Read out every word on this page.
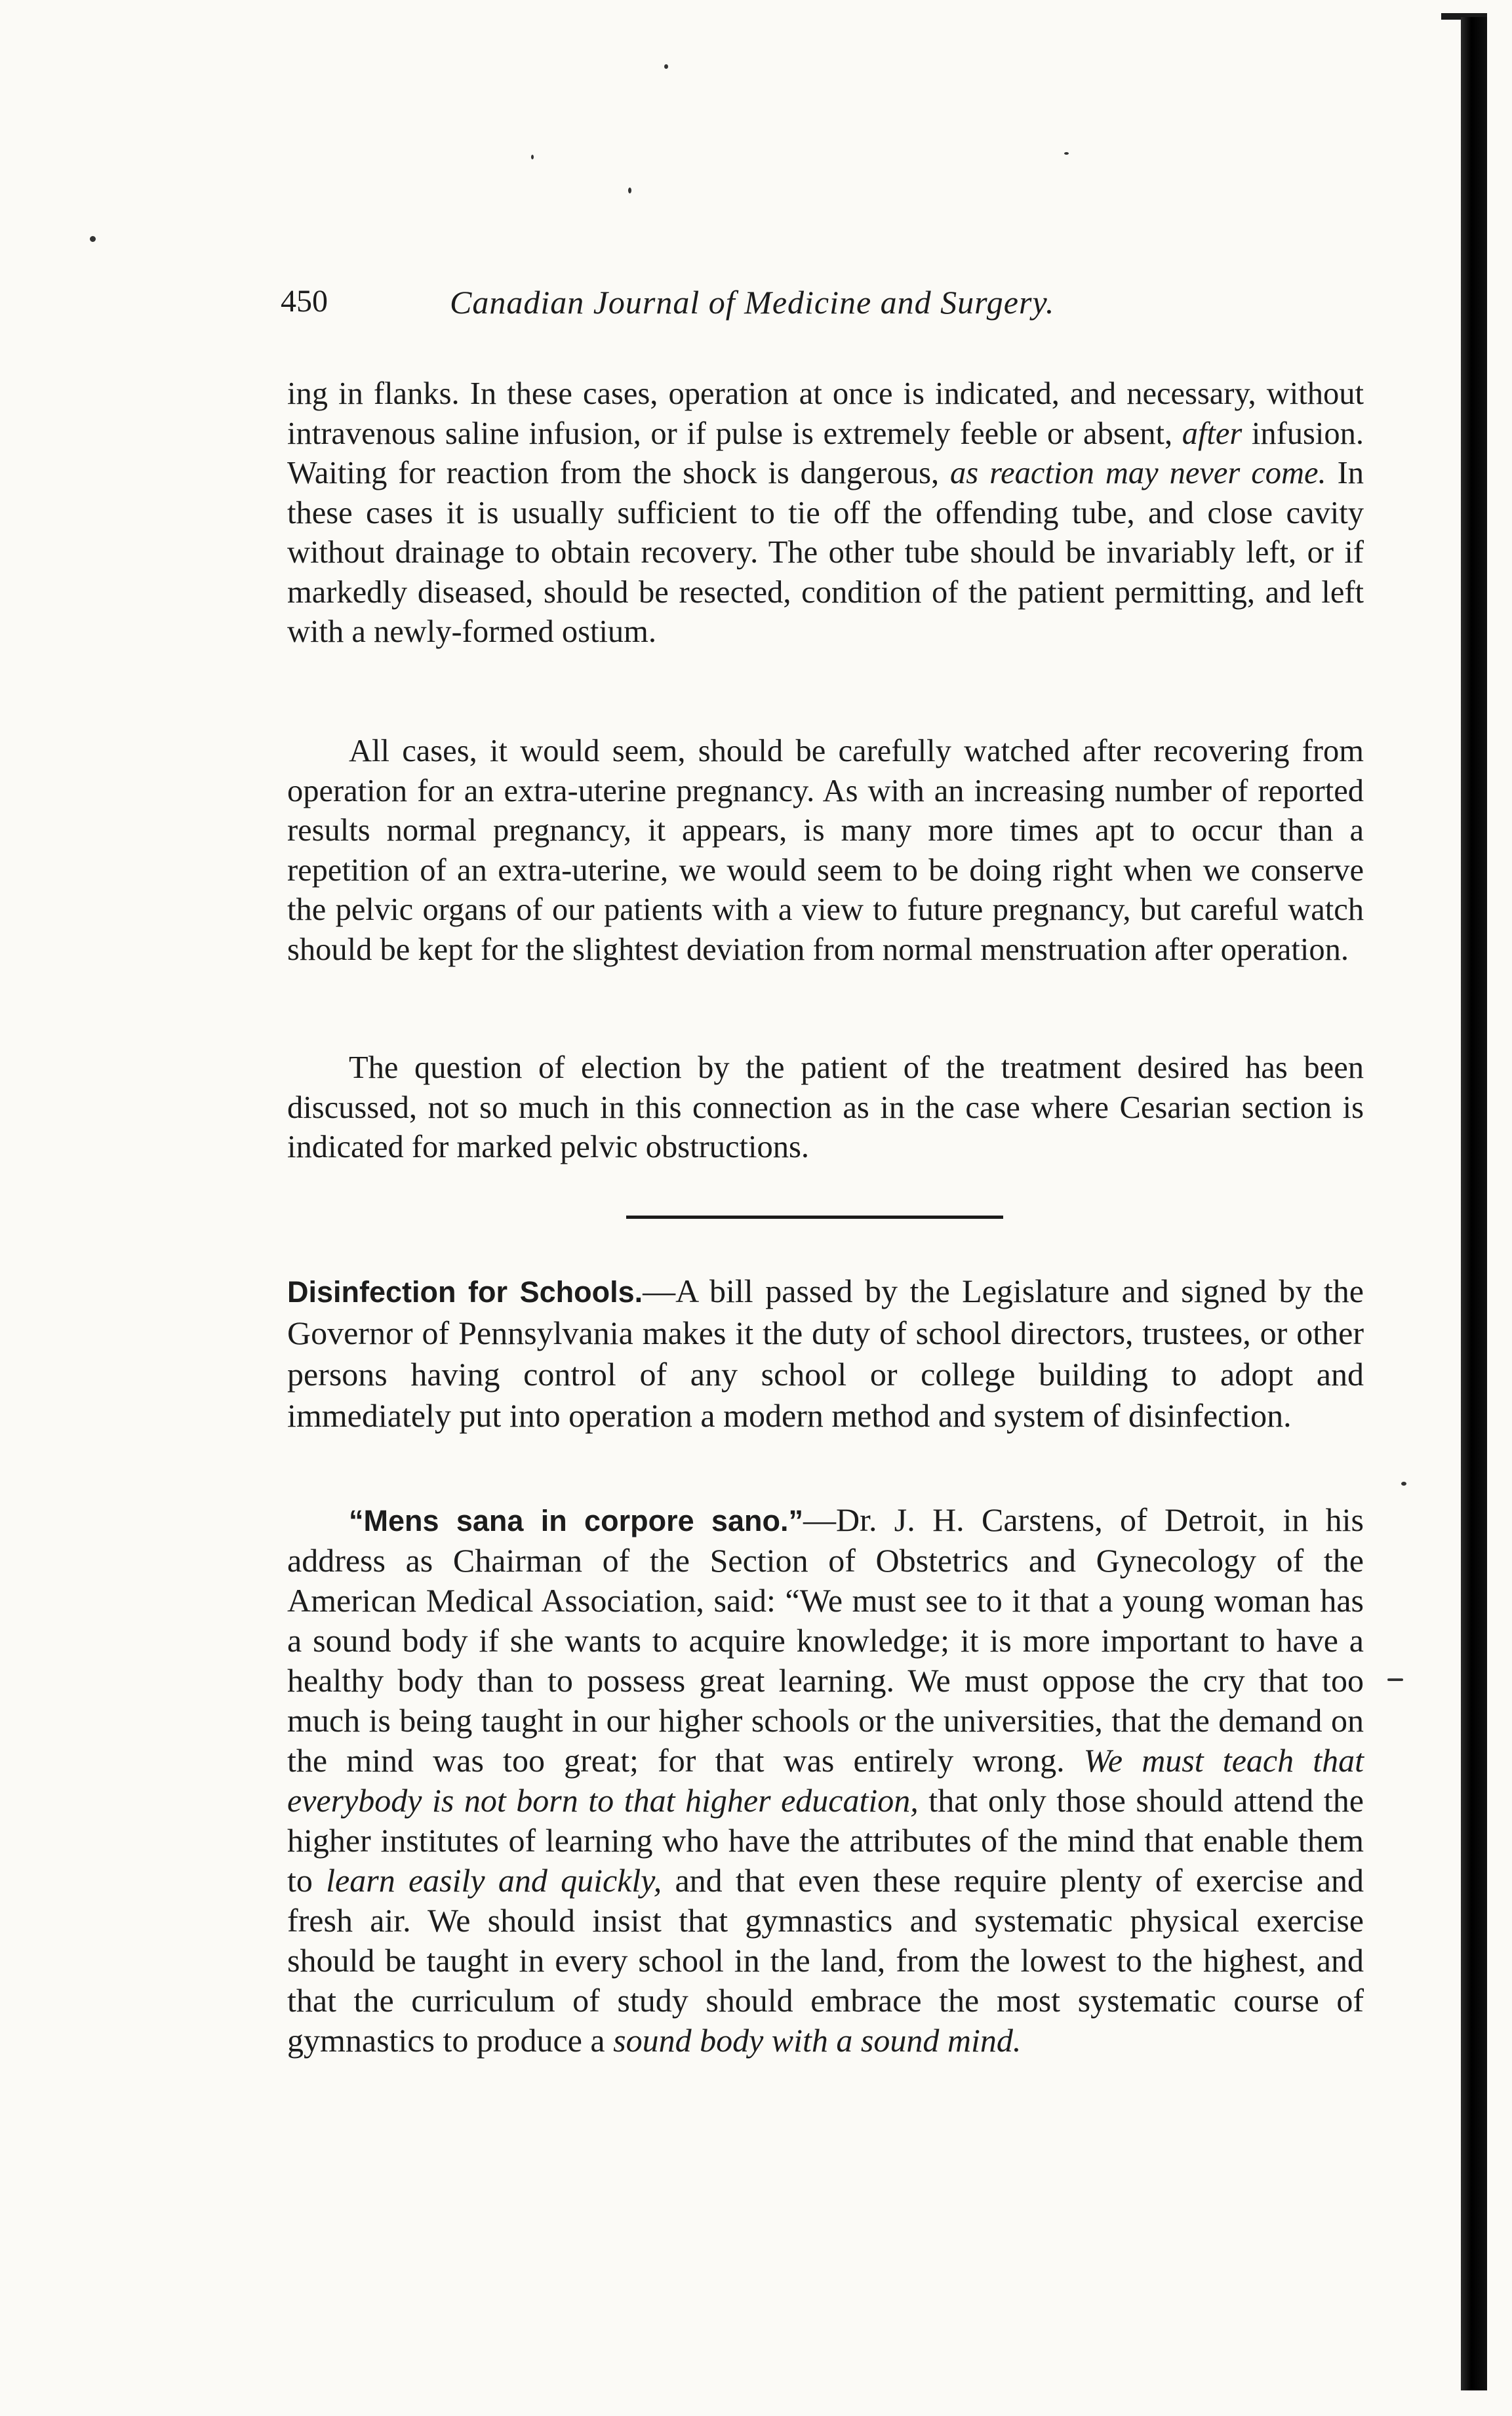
450	Canadian Journal of Medicine and Surgery.
ing in flanks. In these cases, operation at once is indicated, and necessary, without intravenous saline infusion, or if pulse is extremely feeble or absent, after infusion. Waiting for reaction from the shock is dangerous, as reaction may never come. In these cases it is usually sufficient to tie off the offending tube, and close cavity without drainage to obtain recovery. The other tube should be invariably left, or if markedly diseased, should be resected, condition of the patient permitting, and left with a newly-formed ostium.
All cases, it would seem, should be carefully watched after recovering from operation for an extra-uterine pregnancy. As with an increasing number of reported results normal pregnancy, it appears, is many more times apt to occur than a repetition of an extra-uterine, we would seem to be doing right when we conserve the pelvic organs of our patients with a view to future pregnancy, but careful watch should be kept for the slightest deviation from normal menstruation after operation.
The question of election by the patient of the treatment desired has been discussed, not so much in this connection as in the case where Cesarian section is indicated for marked pelvic obstructions.
Disinfection for Schools.—A bill passed by the Legislature and signed by the Governor of Pennsylvania makes it the duty of school directors, trustees, or other persons having control of any school or college building to adopt and immediately put into operation a modern method and system of disinfection.
“Mens sana in corpore sano.”—Dr. J. H. Carstens, of Detroit, in his address as Chairman of the Section of Obstetrics and Gynecology of the American Medical Association, said: “We must see to it that a young woman has a sound body if she wants to acquire knowledge; it is more important to have a healthy body than to possess great learning. We must oppose the cry that too much is being taught in our higher schools or the universities, that the demand on the mind was too great; for that was entirely wrong. We must teach that everybody is not born to that higher education, that only those should attend the higher institutes of learning who have the attributes of the mind that enable them to learn easily and quickly, and that even these require plenty of exercise and fresh air. We should insist that gymnastics and systematic physical exercise should be taught in every school in the land, from the lowest to the highest, and that the curriculum of study should embrace the most systematic course of gymnastics to produce a sound body with a sound mind.
